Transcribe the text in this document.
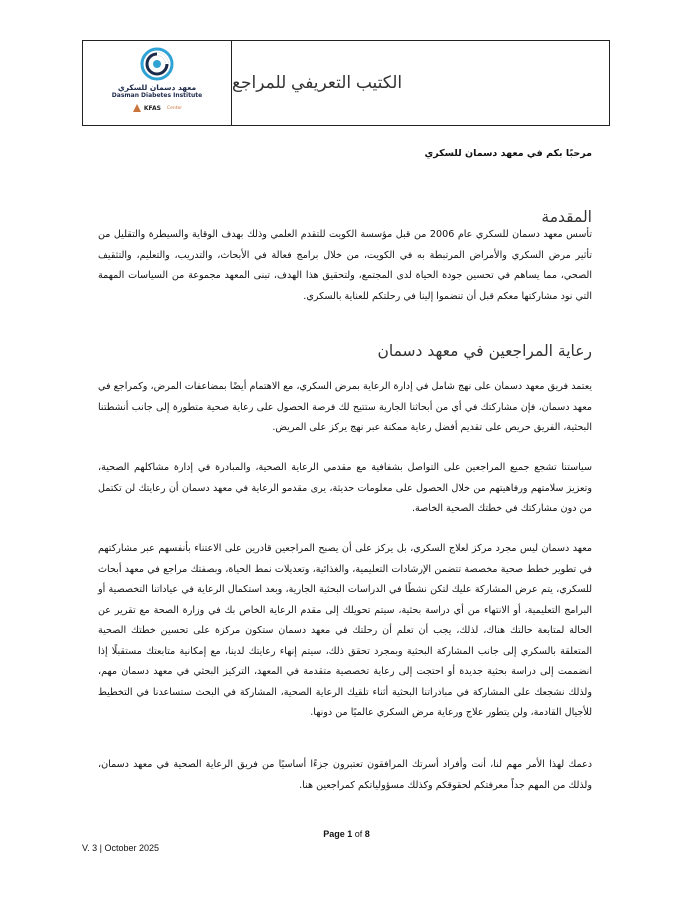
معهد دسمان للسكري
Dasman Diabetes Institute
KFAS Center
الكتيب التعريفي للمراجع
مرحبًا بكم في معهد دسمان للسكري
المقدمة

تأسس معهد دسمان للسكري عام 2006 من قبل مؤسسة الكويت للتقدم العلمي وذلك بهدف الوقاية والسيطرة والتقليل من تأثير مرض السكري والأمراض المرتبطة به في الكويت، من خلال برامج فعالة في الأبحاث، والتدريب، والتعليم، والتثقيف الصحي، مما يساهم في تحسين جودة الحياة لدى المجتمع، ولتحقيق هذا الهدف، تبنى المعهد مجموعة من السياسات المهمة التي نود مشاركتها معكم قبل أن تنضموا إلينا في رحلتكم للعناية بالسكري.

رعاية المراجعين في معهد دسمان

يعتمد فريق معهد دسمان على نهج شامل في إدارة الرعاية بمرض السكري، مع الاهتمام أيضًا بمضاعفات المرض، وكمراجع في معهد دسمان، فإن مشاركتك في أي من أبحاثنا الجارية ستتيح لك فرصة الحصول على رعاية صحية متطورة إلى جانب أنشطتنا البحثية، الفريق حريص على تقديم أفضل رعاية ممكنة عبر نهج يركز على المريض.

سياستنا تشجع جميع المراجعين على التواصل بشفافية مع مقدمي الرعاية الصحية، والمبادرة في إدارة مشاكلهم الصحية، وتعزيز سلامتهم ورفاهيتهم من خلال الحصول على معلومات حديثة، يرى مقدمو الرعاية في معهد دسمان أن رعايتك لن تكتمل من دون مشاركتك في خطتك الصحية الخاصة.

معهد دسمان ليس مجرد مركز لعلاج السكري، بل يركز على أن يصبح المراجعين قادرين على الاعتناء بأنفسهم عبر مشاركتهم في تطوير خطط صحية مخصصة تتضمن الإرشادات التعليمية، والغذائية، وتعديلات نمط الحياة، وبصفتك مراجع في معهد أبحاث للسكري، يتم عرض المشاركة عليك لتكن نشطًا في الدراسات البحثية الجارية، وبعد استكمال الرعاية في عياداتنا التخصصية أو البرامج التعليمية، أو الانتهاء من أي دراسة بحثية، سيتم تحويلك إلى مقدم الرعاية الخاص بك في وزارة الصحة مع تقرير عن الحالة لمتابعة حالتك هناك، لذلك، يجب أن تعلم أن رحلتك في معهد دسمان ستكون مركزة على تحسين خطتك الصحية المتعلقة بالسكري إلى جانب المشاركة البحثية وبمجرد تحقق ذلك، سيتم إنهاء رعايتك لدينا، مع إمكانية متابعتك مستقبلًا إذا انضممت إلى دراسة بحثية جديدة أو احتجت إلى رعاية تخصصية متقدمة في المعهد، التركيز البحثي في معهد دسمان مهم، ولذلك نشجعك على المشاركة في مبادراتنا البحثية أثناء تلقيك الرعاية الصحية، المشاركة في البحث ستساعدنا في التخطيط للأجيال القادمة، ولن يتطور علاج ورعاية مرض السكري عالميًا من دونها.

دعمك لهذا الأمر مهم لنا، أنت وأفراد أسرتك المرافقون تعتبرون جزءًا أساسيًا من فريق الرعاية الصحية في معهد دسمان، ولذلك من المهم جداً معرفتكم لحقوقكم وكذلك مسؤولياتكم كمراجعين هنا.

Page 1 of 8
V. 3 | October 2025
